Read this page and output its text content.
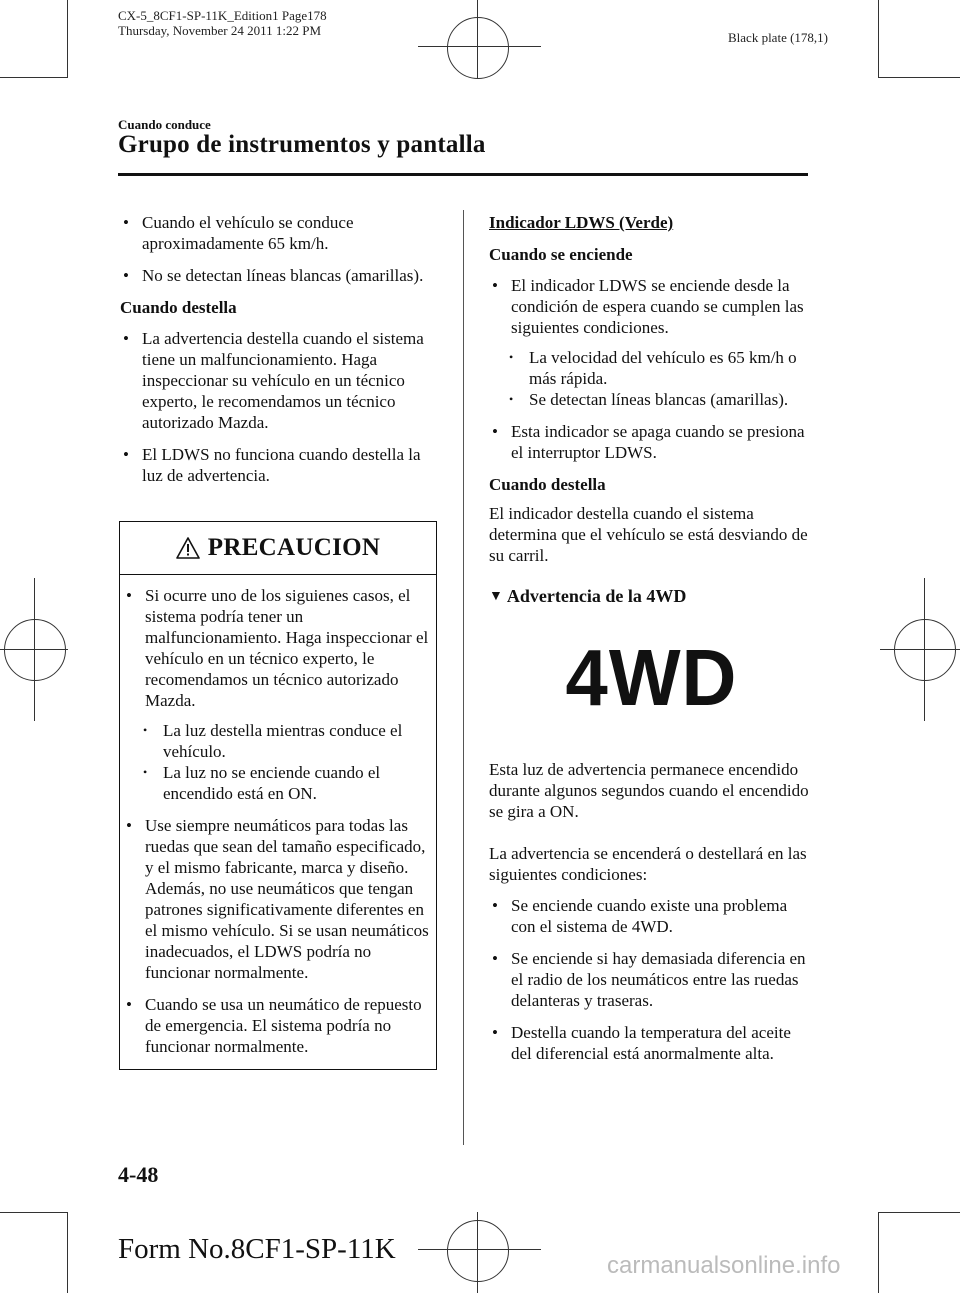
CX-5_8CF1-SP-11K_Edition1 Page178
Thursday, November 24 2011 1:22 PM	Black plate (178,1)
Cuando conduce
Grupo de instrumentos y pantalla
• Cuando el vehículo se conduce aproximadamente 65 km/h.
• No se detectan líneas blancas (amarillas).
Cuando destella
• La advertencia destella cuando el sistema tiene un malfuncionamiento. Haga inspeccionar su vehículo en un técnico experto, le recomendamos un técnico autorizado Mazda.
• El LDWS no funciona cuando destella la luz de advertencia.
PRECAUCION
• Si ocurre uno de los siguienes casos, el sistema podría tener un malfuncionamiento. Haga inspeccionar el vehículo en un técnico experto, le recomendamos un técnico autorizado Mazda.
• La luz destella mientras conduce el vehículo.
• La luz no se enciende cuando el encendido está en ON.
• Use siempre neumáticos para todas las ruedas que sean del tamaño especificado, y el mismo fabricante, marca y diseño. Además, no use neumáticos que tengan patrones significativamente diferentes en el mismo vehículo. Si se usan neumáticos inadecuados, el LDWS podría no funcionar normalmente.
• Cuando se usa un neumático de repuesto de emergencia. El sistema podría no funcionar normalmente.
Indicador LDWS (Verde)
Cuando se enciende
• El indicador LDWS se enciende desde la condición de espera cuando se cumplen las siguientes condiciones.
• La velocidad del vehículo es 65 km/h o más rápida.
• Se detectan líneas blancas (amarillas).
• Esta indicador se apaga cuando se presiona el interruptor LDWS.
Cuando destella
El indicador destella cuando el sistema determina que el vehículo se está desviando de su carril.
▼ Advertencia de la 4WD
4WD
Esta luz de advertencia permanece encendido durante algunos segundos cuando el encendido se gira a ON.
La advertencia se encenderá o destellará en las siguientes condiciones:
• Se enciende cuando existe una problema con el sistema de 4WD.
• Se enciende si hay demasiada diferencia en el radio de los neumáticos entre las ruedas delanteras y traseras.
• Destella cuando la temperatura del aceite del diferencial está anormalmente alta.
4-48
Form No.8CF1-SP-11K
carmanualsonline.info
